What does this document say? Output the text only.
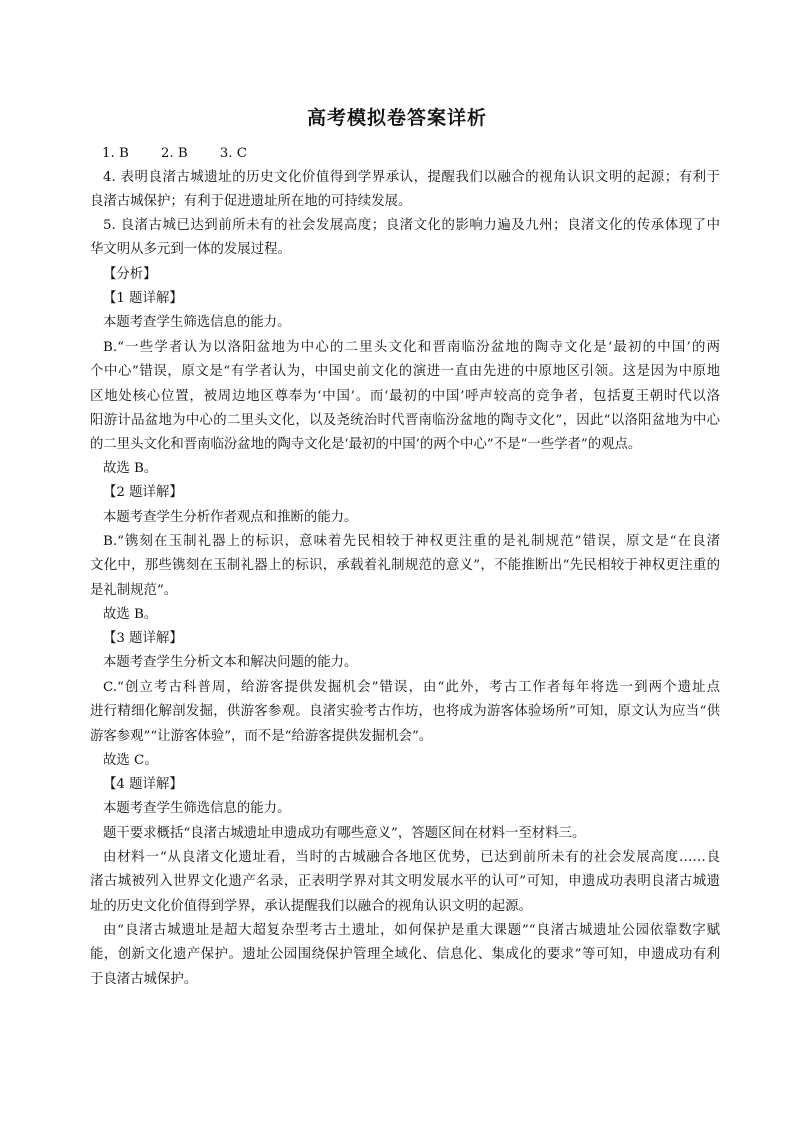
高考模拟卷答案详析
1. B 2. B 3. C
4. 表明良渚古城遗址的历史文化价值得到学界承认，提醒我们以融合的视角认识文明的起源；有利于
良渚古城保护；有利于促进遗址所在地的可持续发展。
5. 良渚古城已达到前所未有的社会发展高度；良渚文化的影响力遍及九州；良渚文化的传承体现了中
华文明从多元到一体的发展过程。
【分析】
【1 题详解】
本题考查学生筛选信息的能力。
B.“一些学者认为以洛阳盆地为中心的二里头文化和晋南临汾盆地的陶寺文化是‘最初的中国’的两
个中心”错误，原文是“有学者认为，中国史前文化的演进一直由先进的中原地区引领。这是因为中原地
区地处核心位置，被周边地区尊奉为‘中国’。而‘最初的中国’呼声较高的竞争者，包括夏王朝时代以洛
阳游计品盆地为中心的二里头文化，以及尧统治时代晋南临汾盆地的陶寺文化”，因此“以洛阳盆地为中心
的二里头文化和晋南临汾盆地的陶寺文化是‘最初的中国’的两个中心”不是“一些学者”的观点。
故选 B。
【2 题详解】
本题考查学生分析作者观点和推断的能力。
B.“镌刻在玉制礼器上的标识，意味着先民相较于神权更注重的是礼制规范”错误，原文是“在良渚
文化中，那些镌刻在玉制礼器上的标识，承载着礼制规范的意义”，不能推断出“先民相较于神权更注重的
是礼制规范”。
故选 B。
【3 题详解】
本题考查学生分析文本和解决问题的能力。
C.“创立考古科普周，给游客提供发掘机会”错误，由“此外，考古工作者每年将选一到两个遗址点
进行精细化解剖发掘，供游客参观。良渚实验考古作坊，也将成为游客体验场所”可知，原文认为应当“供
游客参观”“让游客体验”，而不是“给游客提供发掘机会”。
故选 C。
【4 题详解】
本题考查学生筛选信息的能力。
题干要求概括“良渚古城遗址申遗成功有哪些意义”，答题区间在材料一至材料三。
由材料一“从良渚文化遗址看，当时的古城融合各地区优势，已达到前所未有的社会发展高度……良
渚古城被列入世界文化遗产名录，正表明学界对其文明发展水平的认可”可知，申遗成功表明良渚古城遗
址的历史文化价值得到学界，承认提醒我们以融合的视角认识文明的起源。
由“良渚古城遗址是超大超复杂型考古土遗址，如何保护是重大课题”“良渚古城遗址公园依靠数字赋
能，创新文化遗产保护。遗址公园围绕保护管理全域化、信息化、集成化的要求”等可知，申遗成功有利
于良渚古城保护。
